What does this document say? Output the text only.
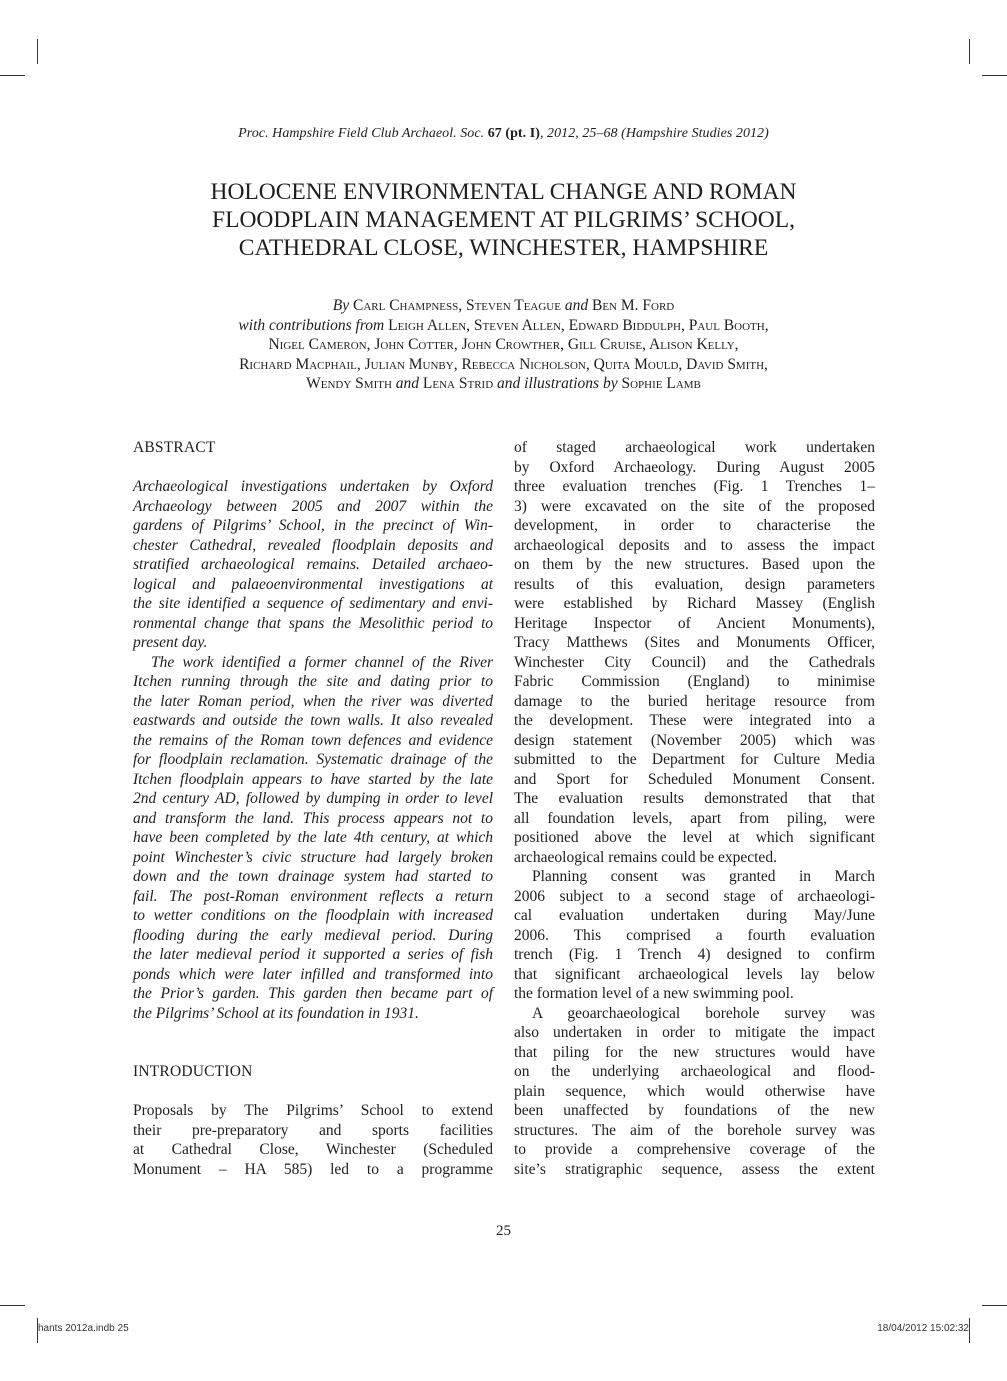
Proc. Hampshire Field Club Archaeol. Soc. 67 (pt. I), 2012, 25–68 (Hampshire Studies 2012)
HOLOCENE ENVIRONMENTAL CHANGE AND ROMAN
FLOODPLAIN MANAGEMENT AT PILGRIMS’ SCHOOL,
CATHEDRAL CLOSE, WINCHESTER, HAMPSHIRE
By Carl Champness, Steven Teague and Ben M. Ford
with contributions from Leigh Allen, Steven Allen, Edward Biddulph, Paul Booth,
Nigel Cameron, John Cotter, John Crowther, Gill Cruise, Alison Kelly,
Richard Macphail, Julian Munby, Rebecca Nicholson, Quita Mould, David Smith,
Wendy Smith and Lena Strid and illustrations by Sophie Lamb
ABSTRACT
Archaeological investigations undertaken by Oxford
Archaeology between 2005 and 2007 within the
gardens of Pilgrims’ School, in the precinct of Win-
chester Cathedral, revealed floodplain deposits and
stratified archaeological remains. Detailed archaeo-
logical and palaeoenvironmental investigations at
the site identified a sequence of sedimentary and envi-
ronmental change that spans the Mesolithic period to
present day.
The work identified a former channel of the River
Itchen running through the site and dating prior to
the later Roman period, when the river was diverted
eastwards and outside the town walls. It also revealed
the remains of the Roman town defences and evidence
for floodplain reclamation. Systematic drainage of the
Itchen floodplain appears to have started by the late
2nd century AD, followed by dumping in order to level
and transform the land. This process appears not to
have been completed by the late 4th century, at which
point Winchester’s civic structure had largely broken
down and the town drainage system had started to
fail. The post-Roman environment reflects a return
to wetter conditions on the floodplain with increased
flooding during the early medieval period. During
the later medieval period it supported a series of fish
ponds which were later infilled and transformed into
the Prior’s garden. This garden then became part of
the Pilgrims’ School at its foundation in 1931.
INTRODUCTION
Proposals by The Pilgrims’ School to extend
their pre-preparatory and sports facilities
at Cathedral Close, Winchester (Scheduled
Monument – HA 585) led to a programme
of staged archaeological work undertaken
by Oxford Archaeology. During August 2005
three evaluation trenches (Fig. 1 Trenches 1–
3) were excavated on the site of the proposed
development, in order to characterise the
archaeological deposits and to assess the impact
on them by the new structures. Based upon the
results of this evaluation, design parameters
were established by Richard Massey (English
Heritage Inspector of Ancient Monuments),
Tracy Matthews (Sites and Monuments Officer,
Winchester City Council) and the Cathedrals
Fabric Commission (England) to minimise
damage to the buried heritage resource from
the development. These were integrated into a
design statement (November 2005) which was
submitted to the Department for Culture Media
and Sport for Scheduled Monument Consent.
The evaluation results demonstrated that that
all foundation levels, apart from piling, were
positioned above the level at which significant
archaeological remains could be expected.
Planning consent was granted in March
2006 subject to a second stage of archaeologi-
cal evaluation undertaken during May/June
2006. This comprised a fourth evaluation
trench (Fig. 1 Trench 4) designed to confirm
that significant archaeological levels lay below
the formation level of a new swimming pool.
A geoarchaeological borehole survey was
also undertaken in order to mitigate the impact
that piling for the new structures would have
on the underlying archaeological and flood-
plain sequence, which would otherwise have
been unaffected by foundations of the new
structures. The aim of the borehole survey was
to provide a comprehensive coverage of the
site’s stratigraphic sequence, assess the extent
25
hants 2012a.indb 25	18/04/2012 15:02:32
